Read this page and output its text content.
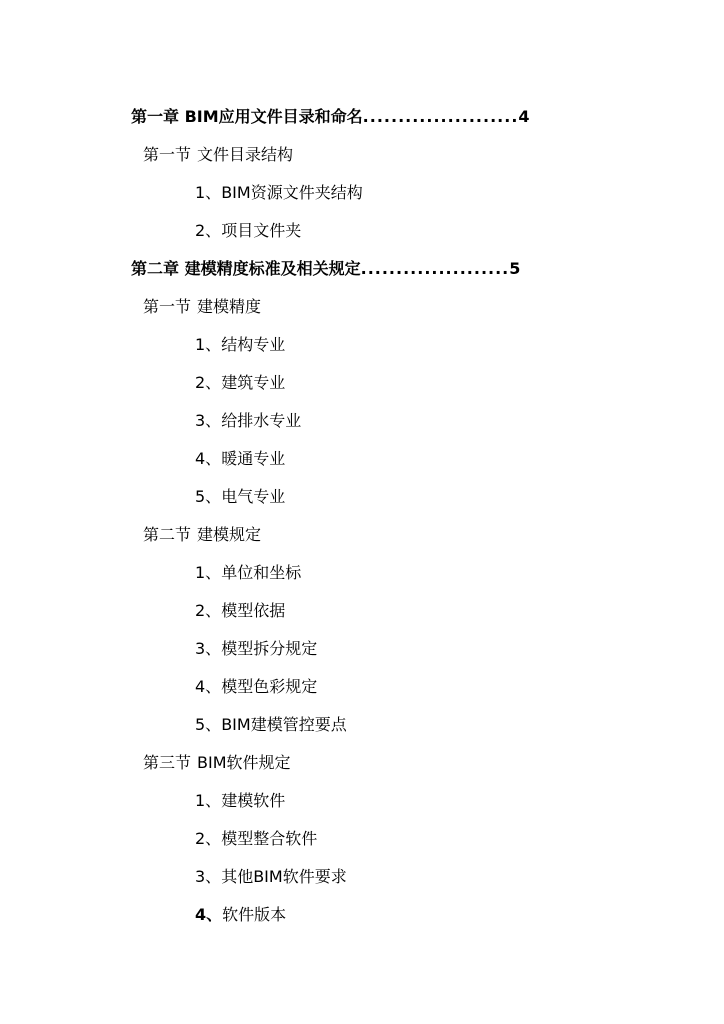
第一章 BIM应用文件目录和命名......................4
第一节 文件目录结构
1、BIM资源文件夹结构
2、项目文件夹
第二章 建模精度标准及相关规定.....................5
第一节 建模精度
1、结构专业
2、建筑专业
3、给排水专业
4、暖通专业
5、电气专业
第二节 建模规定
1、单位和坐标
2、模型依据
3、模型拆分规定
4、模型色彩规定
5、BIM建模管控要点
第三节 BIM软件规定
1、建模软件
2、模型整合软件
3、其他BIM软件要求
4、软件版本
